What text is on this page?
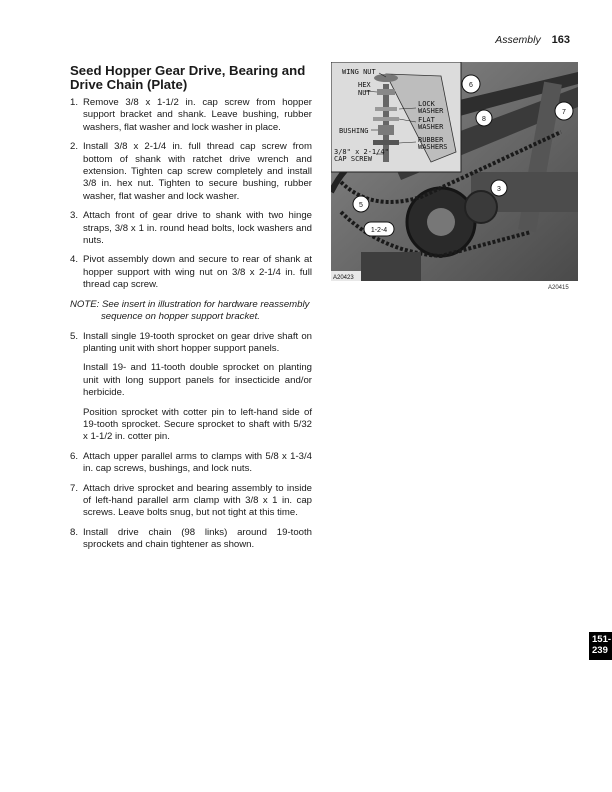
Assembly 163
Seed Hopper Gear Drive, Bearing and Drive Chain (Plate)
1. Remove 3/8 x 1-1/2 in. cap screw from hopper support bracket and shank. Leave bushing, rubber washers, flat washer and lock washer in place.
2. Install 3/8 x 2-1/4 in. full thread cap screw from bottom of shank with ratchet drive wrench and extension. Tighten cap screw completely and install 3/8 in. hex nut. Tighten to secure bushing, rubber washer, flat washer and lock washer.
3. Attach front of gear drive to shank with two hinge straps, 3/8 x 1 in. round head bolts, lock washers and nuts.
4. Pivot assembly down and secure to rear of shank at hopper support with wing nut on 3/8 x 2-1/4 in. full thread cap screw.
NOTE: See insert in illustration for hardware reassembly sequence on hopper support bracket.
5. Install single 19-tooth sprocket on gear drive shaft on planting unit with short hopper support panels.
Install 19- and 11-tooth double sprocket on planting unit with long support panels for insecticide and/or herbicide.
Position sprocket with cotter pin to left-hand side of 19-tooth sprocket. Secure sprocket to shaft with 5/32 x 1-1/2 in. cotter pin.
6. Attach upper parallel arms to clamps with 5/8 x 1-3/4 in. cap screws, bushings, and lock nuts.
7. Attach drive sprocket and bearing assembly to inside of left-hand parallel arm clamp with 3/8 x 1 in. cap screws. Leave bolts snug, but not tight at this time.
8. Install drive chain (98 links) around 19-tooth sprockets and chain tightener as shown.
WING NUT
HEX
NUT
LOCK
WASHER
FLAT
WASHER
BUSHING
RUBBER
WASHERS
3/8" x 2-1/4"
CAP SCREW
6
7
8
3
5
1-2-4
A20423
A20415
151-
239
